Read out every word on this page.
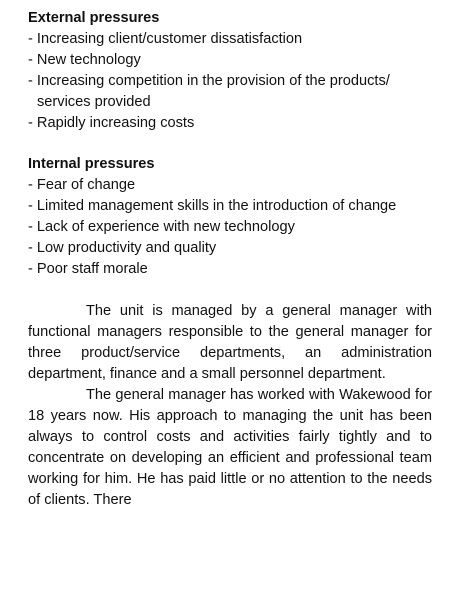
External pressures

- Increasing client/customer dissatisfaction
- New technology
- Increasing competition in the provision of the products/ services provided
- Rapidly increasing costs

Internal pressures

- Fear of change
- Limited management skills in the introduction of change
- Lack of experience with new technology
- Low productivity and quality
- Poor staff morale

The unit is managed by a general manager with functional managers responsible to the general manager for three product/service departments, an administration department, finance and a small personnel department.

The general manager has worked with Wakewood for 18 years now. His approach to managing the unit has been always to control costs and activities fairly tightly and to concentrate on developing an efficient and professional team working for him. He has paid little or no attention to the needs of clients. There
